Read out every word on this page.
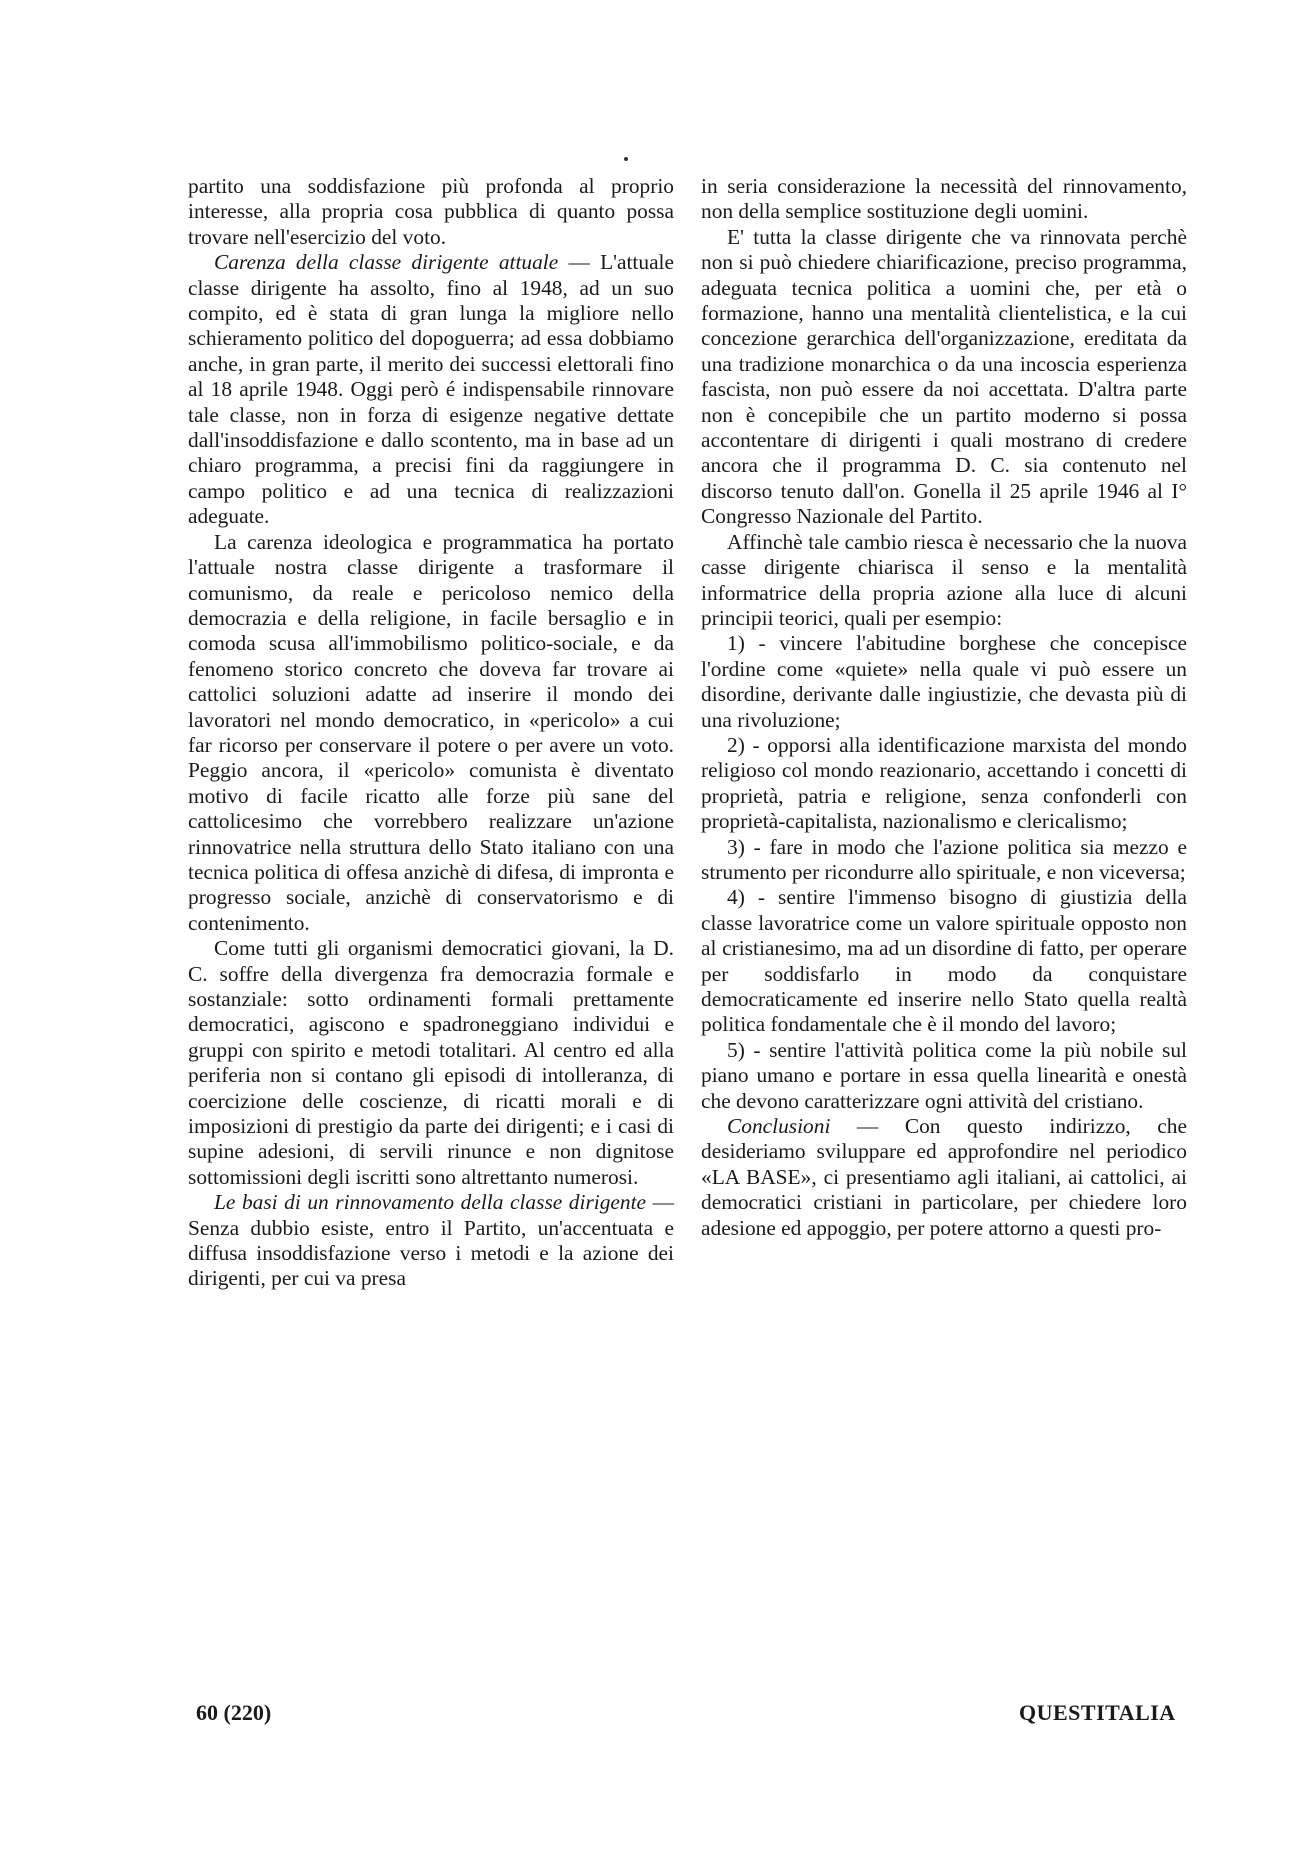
partito una soddisfazione più profonda al proprio interesse, alla propria cosa pubblica di quanto possa trovare nell'esercizio del voto.

Carenza della classe dirigente attuale — L'attuale classe dirigente ha assolto, fino al 1948, ad un suo compito, ed è stata di gran lunga la migliore nello schieramento politico del dopoguerra; ad essa dobbiamo anche, in gran parte, il merito dei successi elettorali fino al 18 aprile 1948. Oggi però é indispensabile rinnovare tale classe, non in forza di esigenze negative dettate dall'insoddisfazione e dallo scontento, ma in base ad un chiaro programma, a precisi fini da raggiungere in campo politico e ad una tecnica di realizzazioni adeguate.

La carenza ideologica e programmatica ha portato l'attuale nostra classe dirigente a trasformare il comunismo, da reale e pericoloso nemico della democrazia e della religione, in facile bersaglio e in comoda scusa all'immobilismo politico-sociale, e da fenomeno storico concreto che doveva far trovare ai cattolici soluzioni adatte ad inserire il mondo dei lavoratori nel mondo democratico, in «pericolo» a cui far ricorso per conservare il potere o per avere un voto. Peggio ancora, il «pericolo» comunista è diventato motivo di facile ricatto alle forze più sane del cattolicesimo che vorrebbero realizzare un'azione rinnovatrice nella struttura dello Stato italiano con una tecnica politica di offesa anzichè di difesa, di impronta e progresso sociale, anzichè di conservatorismo e di contenimento.

Come tutti gli organismi democratici giovani, la D. C. soffre della divergenza fra democrazia formale e sostanziale: sotto ordinamenti formali prettamente democratici, agiscono e spadroneggiano individui e gruppi con spirito e metodi totalitari. Al centro ed alla periferia non si contano gli episodi di intolleranza, di coercizione delle coscienze, di ricatti morali e di imposizioni di prestigio da parte dei dirigenti; e i casi di supine adesioni, di servili rinunce e non dignitose sottomissioni degli iscritti sono altrettanto numerosi.

Le basi di un rinnovamento della classe dirigente — Senza dubbio esiste, entro il Partito, un'accentuata e diffusa insoddisfazione verso i metodi e la azione dei dirigenti, per cui va presa

in seria considerazione la necessità del rinnovamento, non della semplice sostituzione degli uomini.

E' tutta la classe dirigente che va rinnovata perchè non si può chiedere chiarificazione, preciso programma, adeguata tecnica politica a uomini che, per età o formazione, hanno una mentalità clientelistica, e la cui concezione gerarchica dell'organizzazione, ereditata da una tradizione monarchica o da una incoscia esperienza fascista, non può essere da noi accettata. D'altra parte non è concepibile che un partito moderno si possa accontentare di dirigenti i quali mostrano di credere ancora che il programma D. C. sia contenuto nel discorso tenuto dall'on. Gonella il 25 aprile 1946 al I° Congresso Nazionale del Partito.

Affinchè tale cambio riesca è necessario che la nuova casse dirigente chiarisca il senso e la mentalità informatrice della propria azione alla luce di alcuni principii teorici, quali per esempio:

1) - vincere l'abitudine borghese che concepisce l'ordine come «quiete» nella quale vi può essere un disordine, derivante dalle ingiustizie, che devasta più di una rivoluzione;

2) - opporsi alla identificazione marxista del mondo religioso col mondo reazionario, accettando i concetti di proprietà, patria e religione, senza confonderli con proprietà-capitalista, nazionalismo e clericalismo;

3) - fare in modo che l'azione politica sia mezzo e strumento per ricondurre allo spirituale, e non viceversa;

4) - sentire l'immenso bisogno di giustizia della classe lavoratrice come un valore spirituale opposto non al cristianesimo, ma ad un disordine di fatto, per operare per soddisfarlo in modo da conquistare democraticamente ed inserire nello Stato quella realtà politica fondamentale che è il mondo del lavoro;

5) - sentire l'attività politica come la più nobile sul piano umano e portare in essa quella linearità e onestà che devono caratterizzare ogni attività del cristiano.

Conclusioni — Con questo indirizzo, che desideriamo sviluppare ed approfondire nel periodico «LA BASE», ci presentiamo agli italiani, ai cattolici, ai democratici cristiani in particolare, per chiedere loro adesione ed appoggio, per potere attorno a questi pro-

60 (220)	QUESTITALIA
